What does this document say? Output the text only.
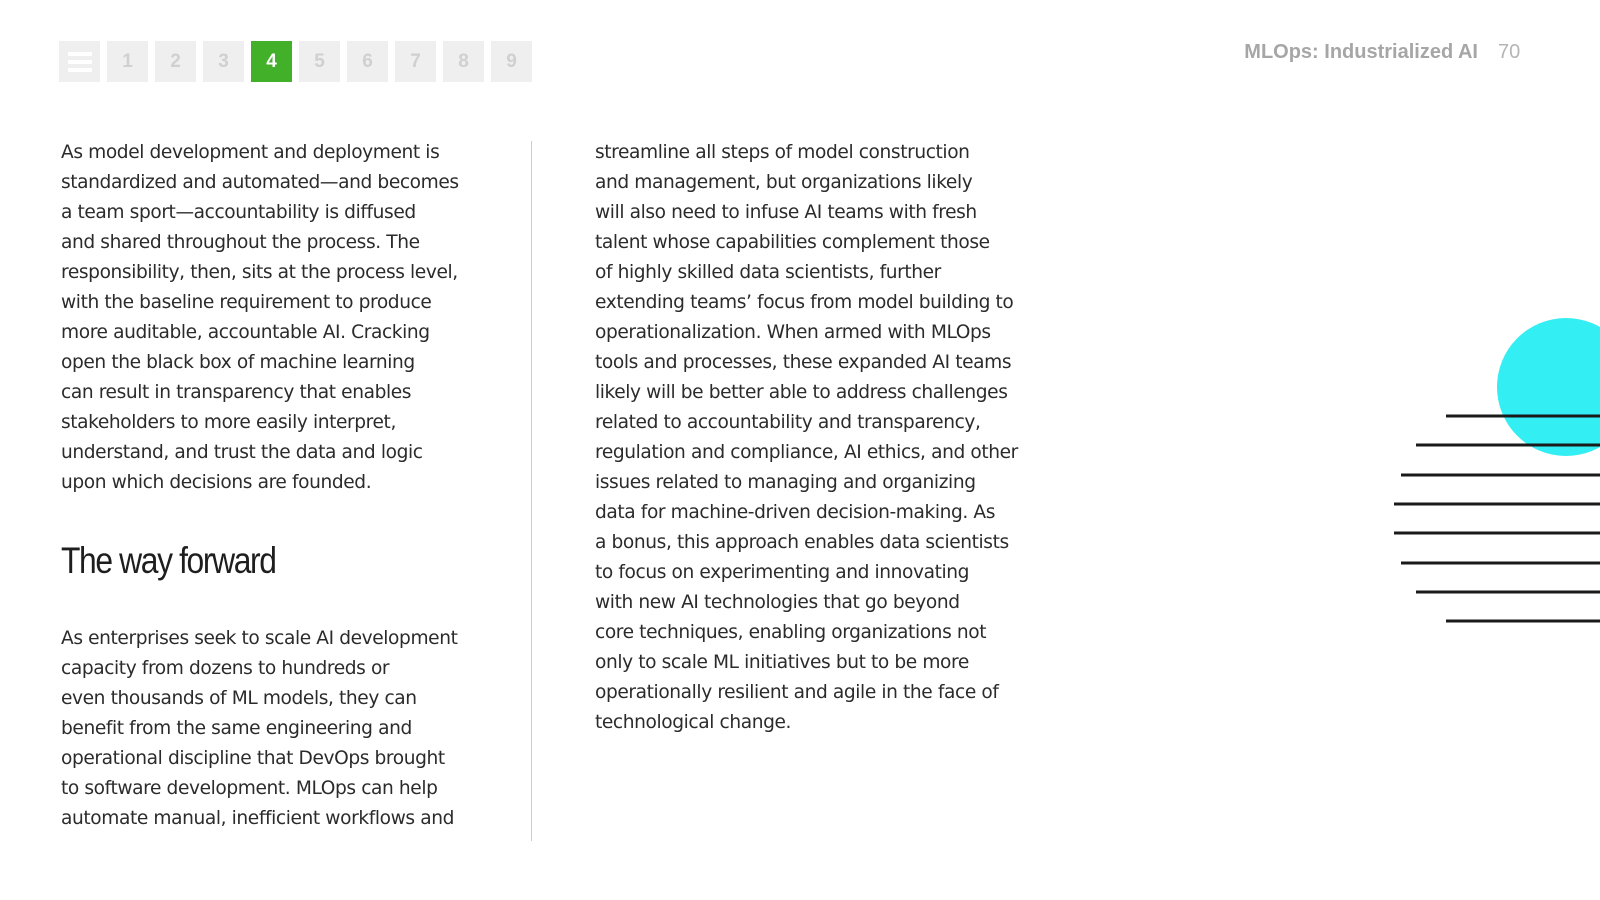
1	2	3	4	5	6	7	8	9	MLOps: Industrialized AI 70

As model development and deployment is
standardized and automated—and becomes
a team sport—accountability is diffused
and shared throughout the process. The
responsibility, then, sits at the process level,
with the baseline requirement to produce
more auditable, accountable AI. Cracking
open the black box of machine learning
can result in transparency that enables
stakeholders to more easily interpret,
understand, and trust the data and logic
upon which decisions are founded.

The way forward

As enterprises seek to scale AI development
capacity from dozens to hundreds or
even thousands of ML models, they can
benefit from the same engineering and
operational discipline that DevOps brought
to software development. MLOps can help
automate manual, inefficient workflows and

streamline all steps of model construction
and management, but organizations likely
will also need to infuse AI teams with fresh
talent whose capabilities complement those
of highly skilled data scientists, further
extending teams’ focus from model building to
operationalization. When armed with MLOps
tools and processes, these expanded AI teams
likely will be better able to address challenges
related to accountability and transparency,
regulation and compliance, AI ethics, and other
issues related to managing and organizing
data for machine-driven decision-making. As
a bonus, this approach enables data scientists
to focus on experimenting and innovating
with new AI technologies that go beyond
core techniques, enabling organizations not
only to scale ML initiatives but to be more
operationally resilient and agile in the face of
technological change.
